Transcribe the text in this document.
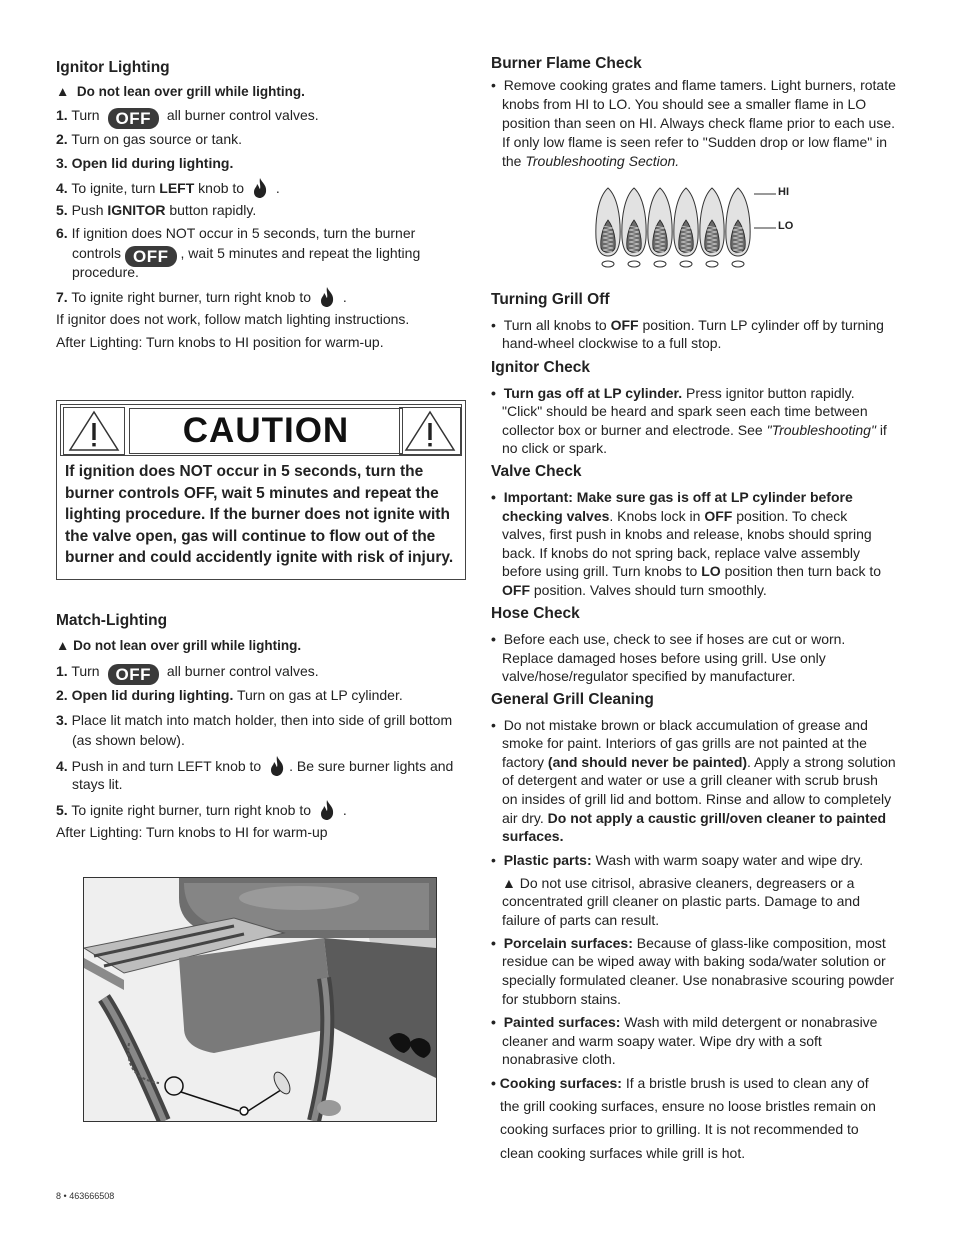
Ignitor Lighting
▲ Do not lean over grill while lighting.
1. Turn OFF all burner control valves.
2. Turn on gas source or tank.
3. Open lid during lighting.
4. To ignite, turn LEFT knob to .
5. Push IGNITOR button rapidly.
6. If ignition does NOT occur in 5 seconds, turn the burner
controls OFF , wait 5 minutes and repeat the lighting
procedure.
7. To ignite right burner, turn right knob to .
If ignitor does not work, follow match lighting instructions.
After Lighting: Turn knobs to HI position for warm-up.
Match-Lighting
▲ Do not lean over grill while lighting.
1. Turn OFF all burner control valves.
2. Open lid during lighting. Turn on gas at LP cylinder.
3. Place lit match into match holder, then into side of grill bottom
(as shown below).
4. Push in and turn LEFT knob to . Be sure burner lights and
stays lit.
5. To ignite right burner, turn right knob to .
After Lighting: Turn knobs to HI for warm-up
CAUTION
If ignition does NOT occur in 5 seconds, turn the
burner controls OFF, wait 5 minutes and repeat the
lighting procedure. If the burner does not ignite with
the valve open, gas will continue to flow out of the
burner and could accidently ignite with risk of injury.
Burner Flame Check
• Remove cooking grates and flame tamers. Light burners, rotate
knobs from HI to LO. You should see a smaller flame in LO
position than seen on HI. Always check flame prior to each use.
If only low flame is seen refer to "Sudden drop or low flame" in
the Troubleshooting Section.
Turning Grill Off
• Turn all knobs to OFF position. Turn LP cylinder off by turning
hand-wheel clockwise to a full stop.
Ignitor Check
• Turn gas off at LP cylinder. Press ignitor button rapidly.
"Click" should be heard and spark seen each time between
collector box or burner and electrode. See "Troubleshooting" if
no click or spark.
Valve Check
• Important: Make sure gas is off at LP cylinder before
checking valves. Knobs lock in OFF position. To check
valves, first push in knobs and release, knobs should spring
back. If knobs do not spring back, replace valve assembly
before using grill. Turn knobs to LO position then turn back to
OFF position. Valves should turn smoothly.
Hose Check
• Before each use, check to see if hoses are cut or worn.
Replace damaged hoses before using grill. Use only
valve/hose/regulator specified by manufacturer.
General Grill Cleaning
• Do not mistake brown or black accumulation of grease and
smoke for paint. Interiors of gas grills are not painted at the
factory (and should never be painted). Apply a strong solution
of detergent and water or use a grill cleaner with scrub brush
on insides of grill lid and bottom. Rinse and allow to completely
air dry. Do not apply a caustic grill/oven cleaner to painted
surfaces.
• Plastic parts: Wash with warm soapy water and wipe dry.
▲ Do not use citrisol, abrasive cleaners, degreasers or a
concentrated grill cleaner on plastic parts. Damage to and
failure of parts can result.
• Porcelain surfaces: Because of glass-like composition, most
residue can be wiped away with baking soda/water solution or
specially formulated cleaner. Use nonabrasive scouring powder
for stubborn stains.
• Painted surfaces: Wash with mild detergent or nonabrasive
cleaner and warm soapy water. Wipe dry with a soft
nonabrasive cloth.
• Cooking surfaces: If a bristle brush is used to clean any of
the grill cooking surfaces, ensure no loose bristles remain on
cooking surfaces prior to grilling. It is not recommended to
clean cooking surfaces while grill is hot.
HI
LO
8 • 463666508
